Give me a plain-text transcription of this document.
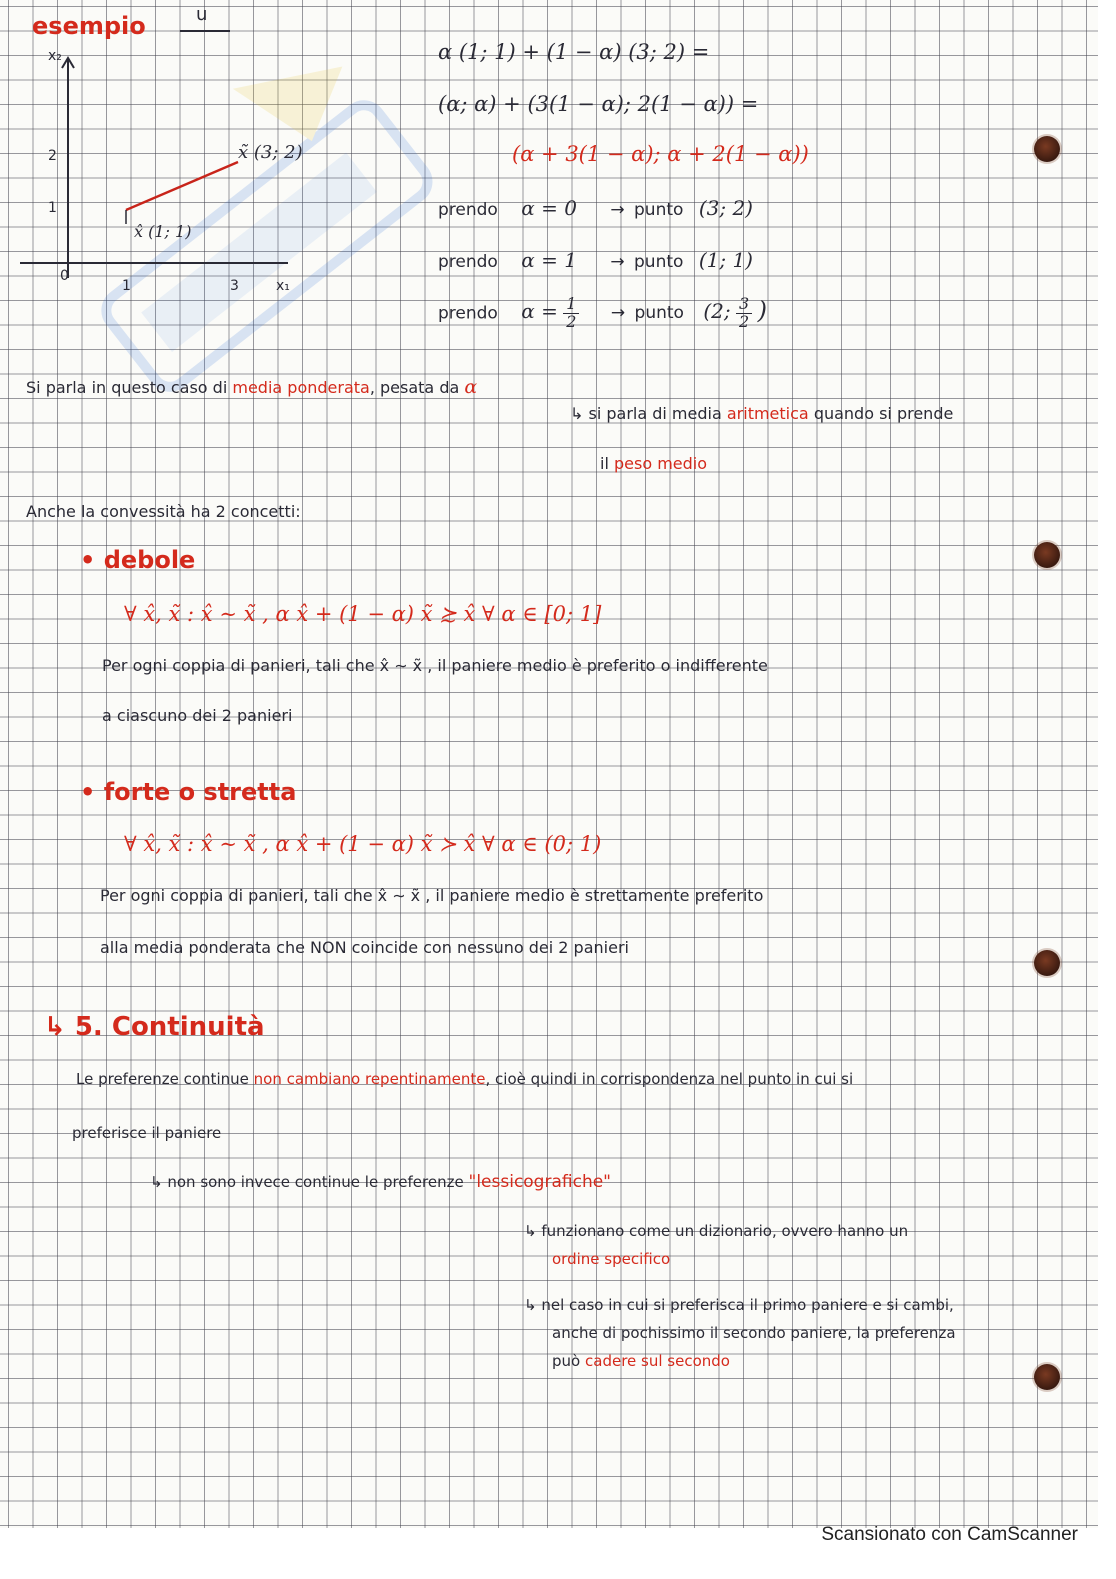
esempio	u
x₂
x₁
0
2
1
1	3
x̃ (3; 2)
x̂ (1; 1)
α (1; 1) + (1 − α) (3; 2) =
(α; α) + (3(1 − α); 2(1 − α)) =
(α + 3(1 − α); α + 2(1 − α))
prendo α = 0 → punto (3; 2)
prendo α = 1 → punto (1; 1)
prendo $\alpha = \frac{1}{2}$ → punto (2; $\frac{3}{2}$ )
Si parla in questo caso di media ponderata, pesata da α
↳ si parla di media aritmetica quando si prende
il peso medio
Anche la convessità ha 2 concetti:
• debole
∀ x̂, x̃ : x̂ ∼ x̃ , α x̂ + (1 − α) x̃ ≿ x̂ ∀ α ∈ [0; 1]
Per ogni coppia di panieri, tali che x̂ ∼ x̃ , il paniere medio è preferito o indifferente
a ciascuno dei 2 panieri
• forte o stretta
∀ x̂, x̃ : x̂ ∼ x̃ , α x̂ + (1 − α) x̃ ≻ x̂ ∀ α ∈ (0; 1)
Per ogni coppia di panieri, tali che x̂ ∼ x̃ , il paniere medio è strettamente preferito
alla media ponderata che NON coincide con nessuno dei 2 panieri
↳ 5. Continuità
Le preferenze continue non cambiano repentinamente, cioè quindi in corrispondenza nel punto in cui si
preferisce il paniere
↳ non sono invece continue le preferenze "lessicografiche"
↳ funzionano come un dizionario, ovvero hanno un
ordine specifico
↳ nel caso in cui si preferisca il primo paniere e si cambi,
anche di pochissimo il secondo paniere, la preferenza
può cadere sul secondo
Scansionato con CamScanner
